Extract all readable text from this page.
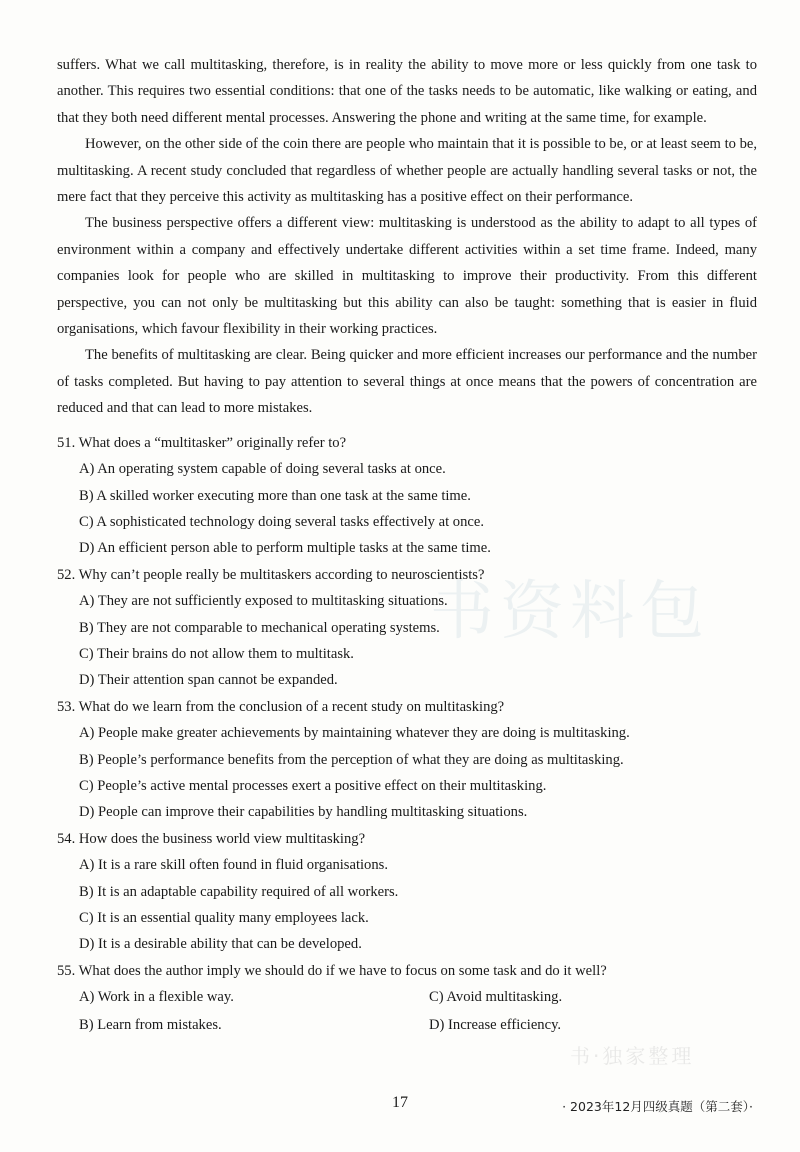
书资料包
书·独家整理

suffers. What we call multitasking, therefore, is in reality the ability to move more or less quickly from one task to another. This requires two essential conditions: that one of the tasks needs to be automatic, like walking or eating, and that they both need different mental processes. Answering the phone and writing at the same time, for example.

However, on the other side of the coin there are people who maintain that it is possible to be, or at least seem to be, multitasking. A recent study concluded that regardless of whether people are actually handling several tasks or not, the mere fact that they perceive this activity as multitasking has a positive effect on their performance.

The business perspective offers a different view: multitasking is understood as the ability to adapt to all types of environment within a company and effectively undertake different activities within a set time frame. Indeed, many companies look for people who are skilled in multitasking to improve their productivity. From this different perspective, you can not only be multitasking but this ability can also be taught: something that is easier in fluid organisations, which favour flexibility in their working practices.

The benefits of multitasking are clear. Being quicker and more efficient increases our performance and the number of tasks completed. But having to pay attention to several things at once means that the powers of concentration are reduced and that can lead to more mistakes.

51. What does a “multitasker” originally refer to?

A) An operating system capable of doing several tasks at once.

B) A skilled worker executing more than one task at the same time.

C) A sophisticated technology doing several tasks effectively at once.

D) An efficient person able to perform multiple tasks at the same time.

52. Why can’t people really be multitaskers according to neuroscientists?

A) They are not sufficiently exposed to multitasking situations.

B) They are not comparable to mechanical operating systems.

C) Their brains do not allow them to multitask.

D) Their attention span cannot be expanded.

53. What do we learn from the conclusion of a recent study on multitasking?

A) People make greater achievements by maintaining whatever they are doing is multitasking.

B) People’s performance benefits from the perception of what they are doing as multitasking.

C) People’s active mental processes exert a positive effect on their multitasking.

D) People can improve their capabilities by handling multitasking situations.

54. How does the business world view multitasking?

A) It is a rare skill often found in fluid organisations.

B) It is an adaptable capability required of all workers.

C) It is an essential quality many employees lack.

D) It is a desirable ability that can be developed.

55. What does the author imply we should do if we have to focus on some task and do it well?

A) Work in a flexible way.	C) Avoid multitasking.

B) Learn from mistakes.	D) Increase efficiency.

17	· 2023年12月四级真题（第二套）·
